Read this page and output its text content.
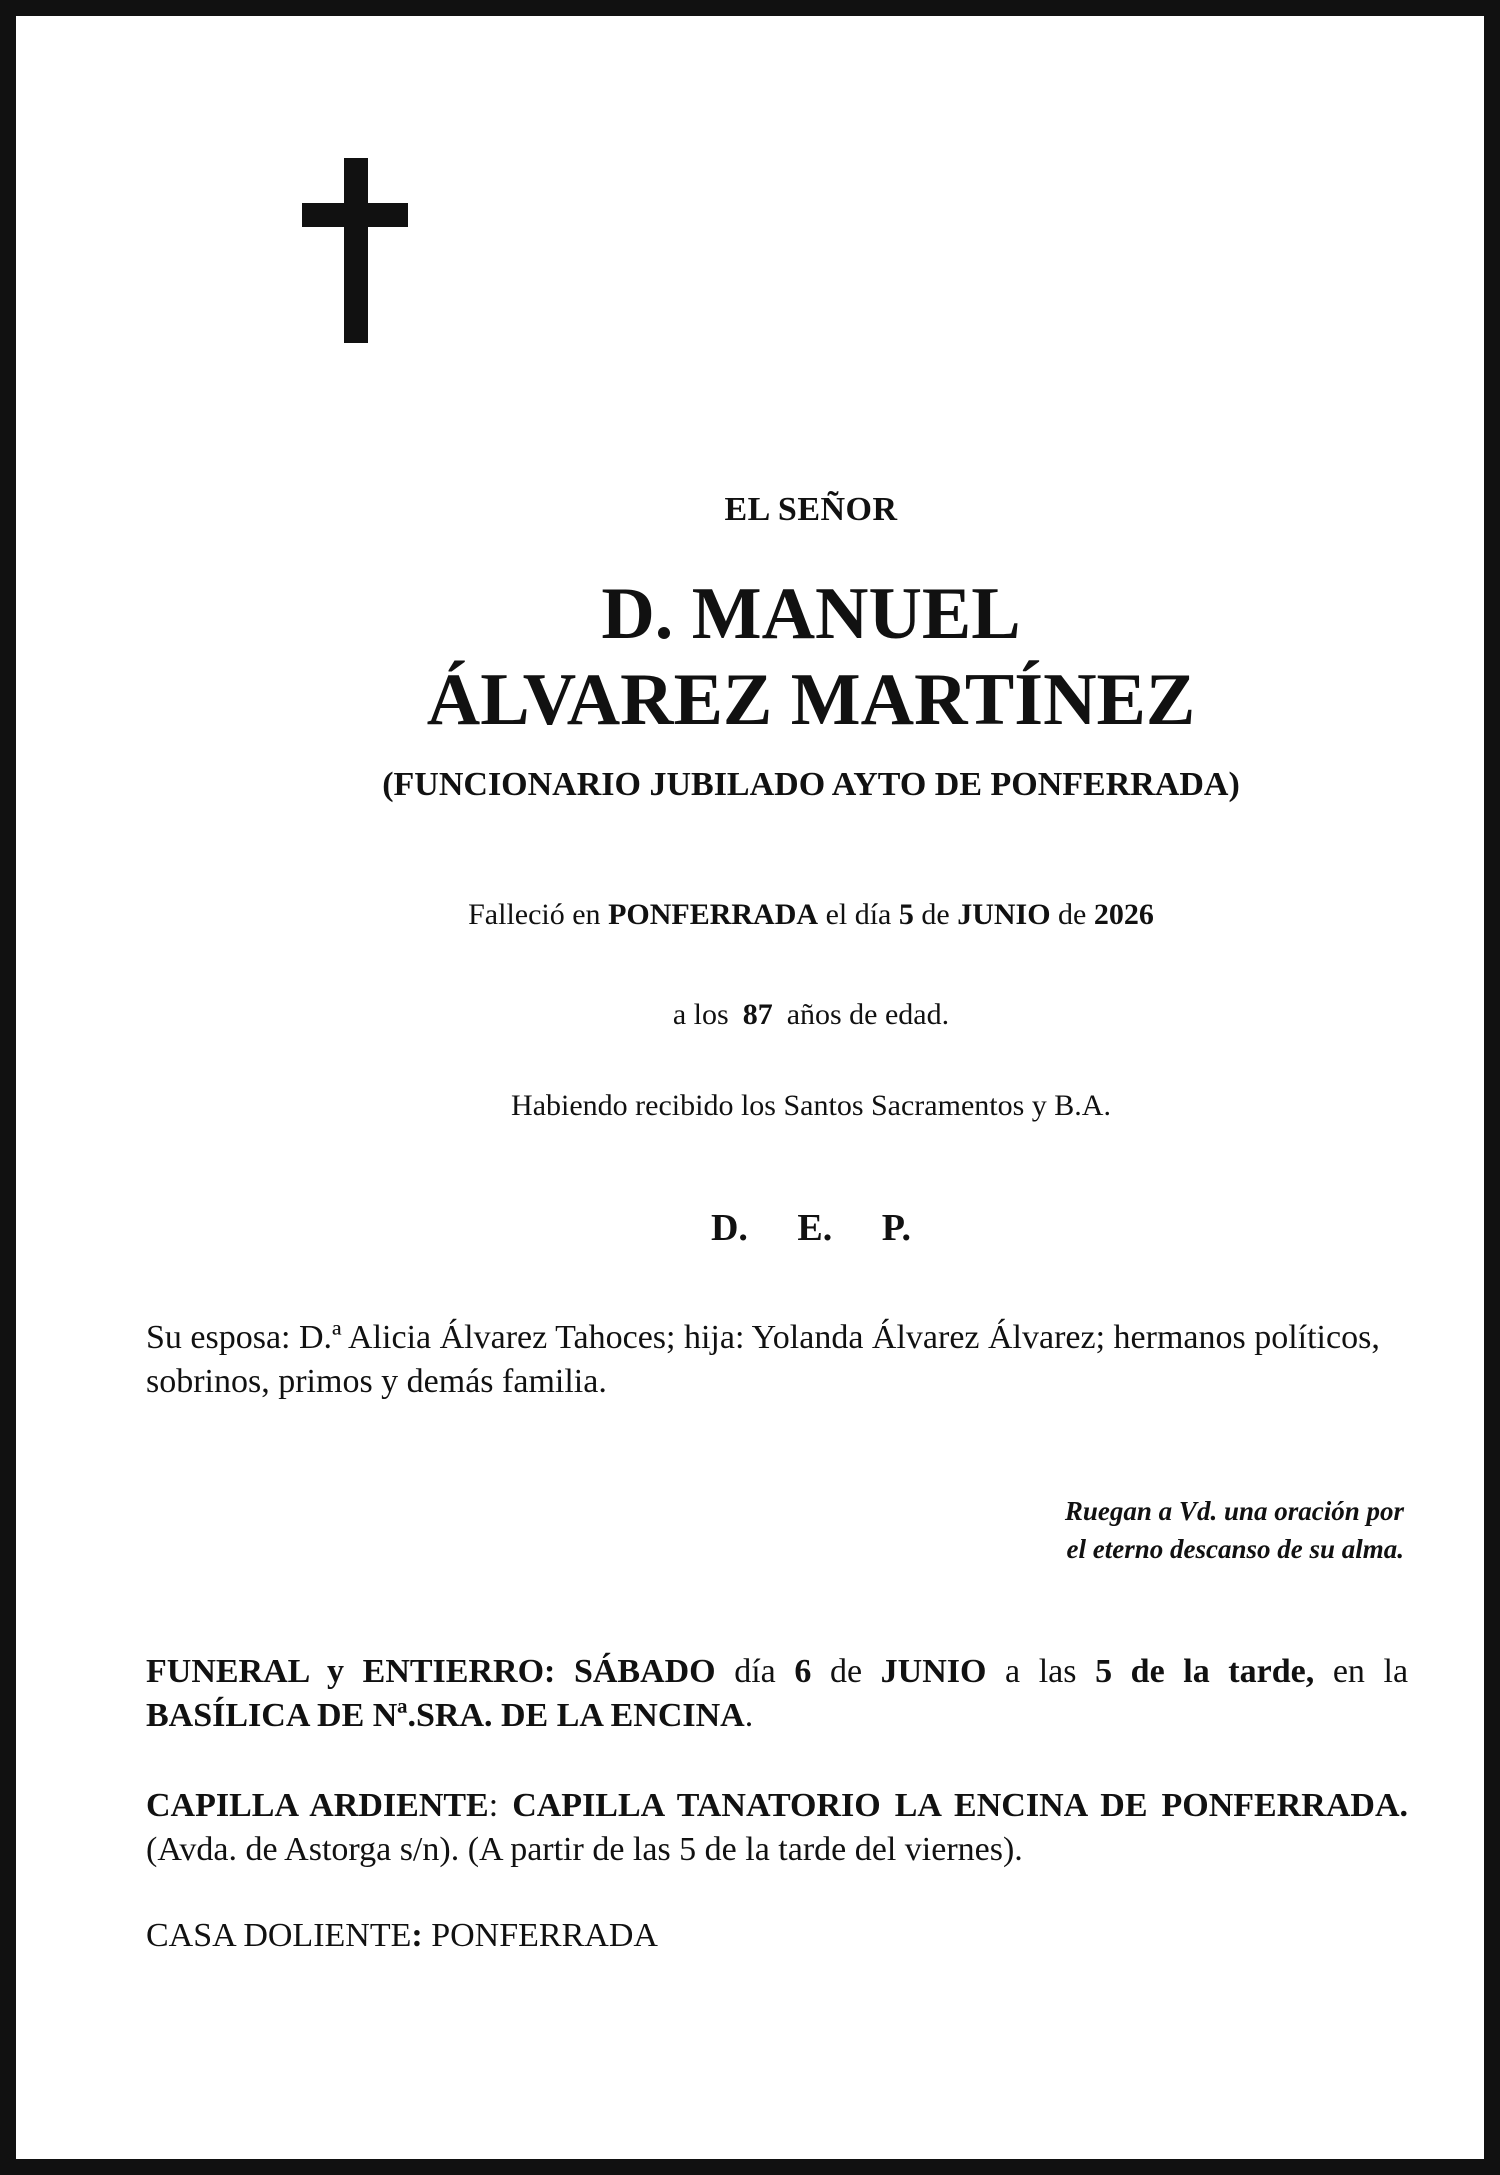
EL SEÑOR
D. MANUEL
ÁLVAREZ MARTÍNEZ
(FUNCIONARIO JUBILADO AYTO DE PONFERRADA)
Falleció en PONFERRADA el día 5 de JUNIO de 2026
a los 87 años de edad.
Habiendo recibido los Santos Sacramentos y B.A.
D. E. P.
Su esposa: D.ª Alicia Álvarez Tahoces; hija: Yolanda Álvarez Álvarez; hermanos políticos, sobrinos, primos y demás familia.
Ruegan a Vd. una oración por
el eterno descanso de su alma.
FUNERAL y ENTIERRO: SÁBADO día 6 de JUNIO a las 5 de la tarde, en la BASÍLICA DE Nª.SRA. DE LA ENCINA.
CAPILLA ARDIENTE: CAPILLA TANATORIO LA ENCINA DE PONFERRADA. (Avda. de Astorga s/n). (A partir de las 5 de la tarde del viernes).
CASA DOLIENTE: PONFERRADA
